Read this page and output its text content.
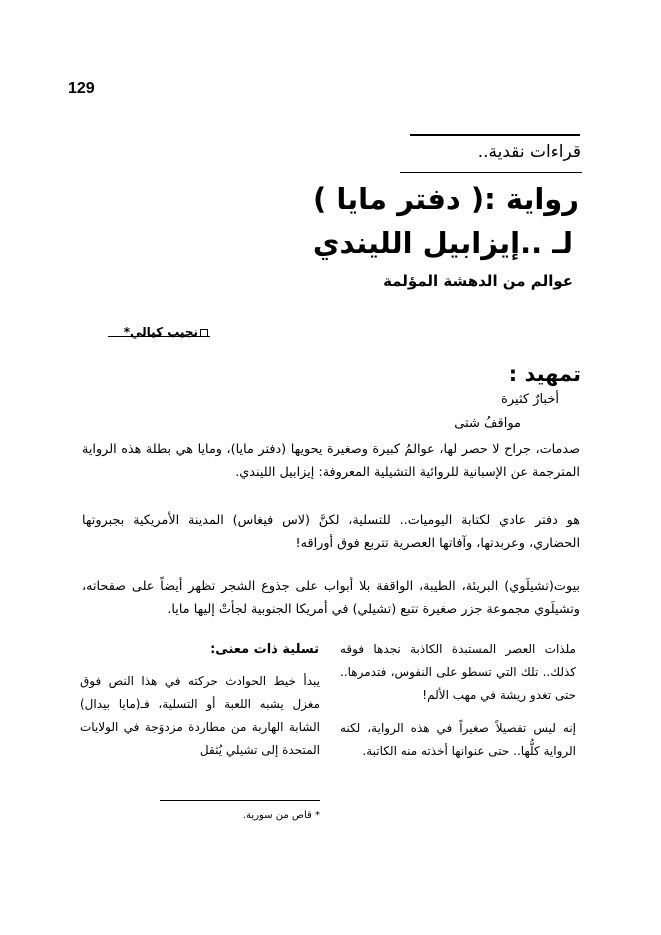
129
قراءات نقدية..
رواية :( دفتر مايا )
لـ ..إيزابيل الليندي
عوالم من الدهشة المؤلمة
نجيب كيالي*
تمهيد :
أخبارٌ كثيرة
مواقفُ شتى
صدمات، جراح لا حصر لها، عوالمُ كبيرة وصغيرة يحويها (دفتر مايا)، ومايا هي بطلة هذه الرواية المترجمة عن الإسبانية للروائية التشيلية المعروفة: إيزابيل الليندي.
هو دفتر عادي لكتابة اليوميات.. للتسلية، لكنَّ (لاس فيغاس) المدينة الأمريكية بجبروتها الحضاري، وعربدتها، وآفاتها العصرية تتربع فوق أوراقه!
بيوت(تشيلَوي) البريئة، الطيبة، الواقفة بلا أبواب على جذوع الشجر تظهر أيضاً على صفحاته، وتشيلَوي مجموعة جزر صغيرة تتبع (تشيلي) في أمريكا الجنوبية لجأتْ إليها مايا.

ملذات العصر المستبدة الكاذبة نجدها فوقه كذلك.. تلك التي تسطو على النفوس، فتدمرها.. حتى تغدو ريشة في مهب الألم!

إنه ليس تفصيلاً صغيراً في هذه الرواية، لكنه الرواية كلُّها.. حتى عنوانها أخذته منه الكاتبة.

تسلية ذات معنى:
يبدأ خيط الحوادث حركته في هذا النص فوق مغزل يشبه اللعبة أو التسلية، فـ(مايا بيدال) الشابة الهاربة من مطاردة مزدوَجة في الولايات المتحدة إلى تشيلي يُثقل
* قاص من سورية.
